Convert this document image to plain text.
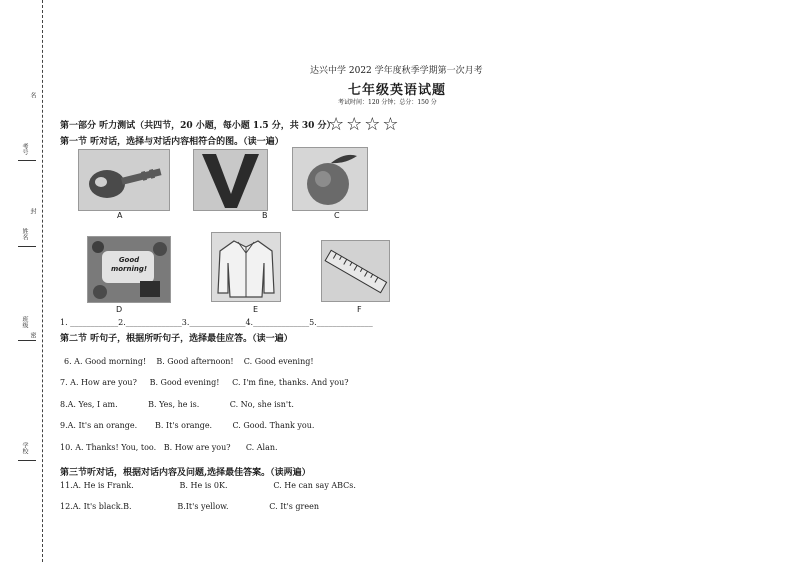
名
考号
封
姓名
班级
密
学校
达兴中学 2022 学年度秋季学期第一次月考
七年级英语试题
考试时间：120 分钟；总分：150 分
第一部分 听力测试（共四节，20 小题，每小题 1.5 分，共 30 分）
☆☆☆☆
第一节 听对话，选择与对话内容相符合的图。（读一遍）
A	B	C
Good morning!
D	E	F
1. ____________2.______________3.______________4.______________5.______________
第二节 听句子，根据所听句子，选择最佳应答。（读一遍）
6. A. Good morning!    B. Good afternoon!    C. Good evening!
7. A. How are you?     B. Good evening!     C. I'm fine, thanks. And you?
8.A. Yes, I am.            B. Yes, he is.            C. No, she isn't.
9.A. It's an orange.       B. It's orange.        C. Good. Thank you.
10. A. Thanks! You, too.   B. How are you?      C. Alan.
第三节听对话，根据对话内容及问题,选择最佳答案。（读两遍）
11.A. He is Frank.                  B. He is 0K.                  C. He can say ABCs.
12.A. It's black.B.                  B.It's yellow.                C. It's green
